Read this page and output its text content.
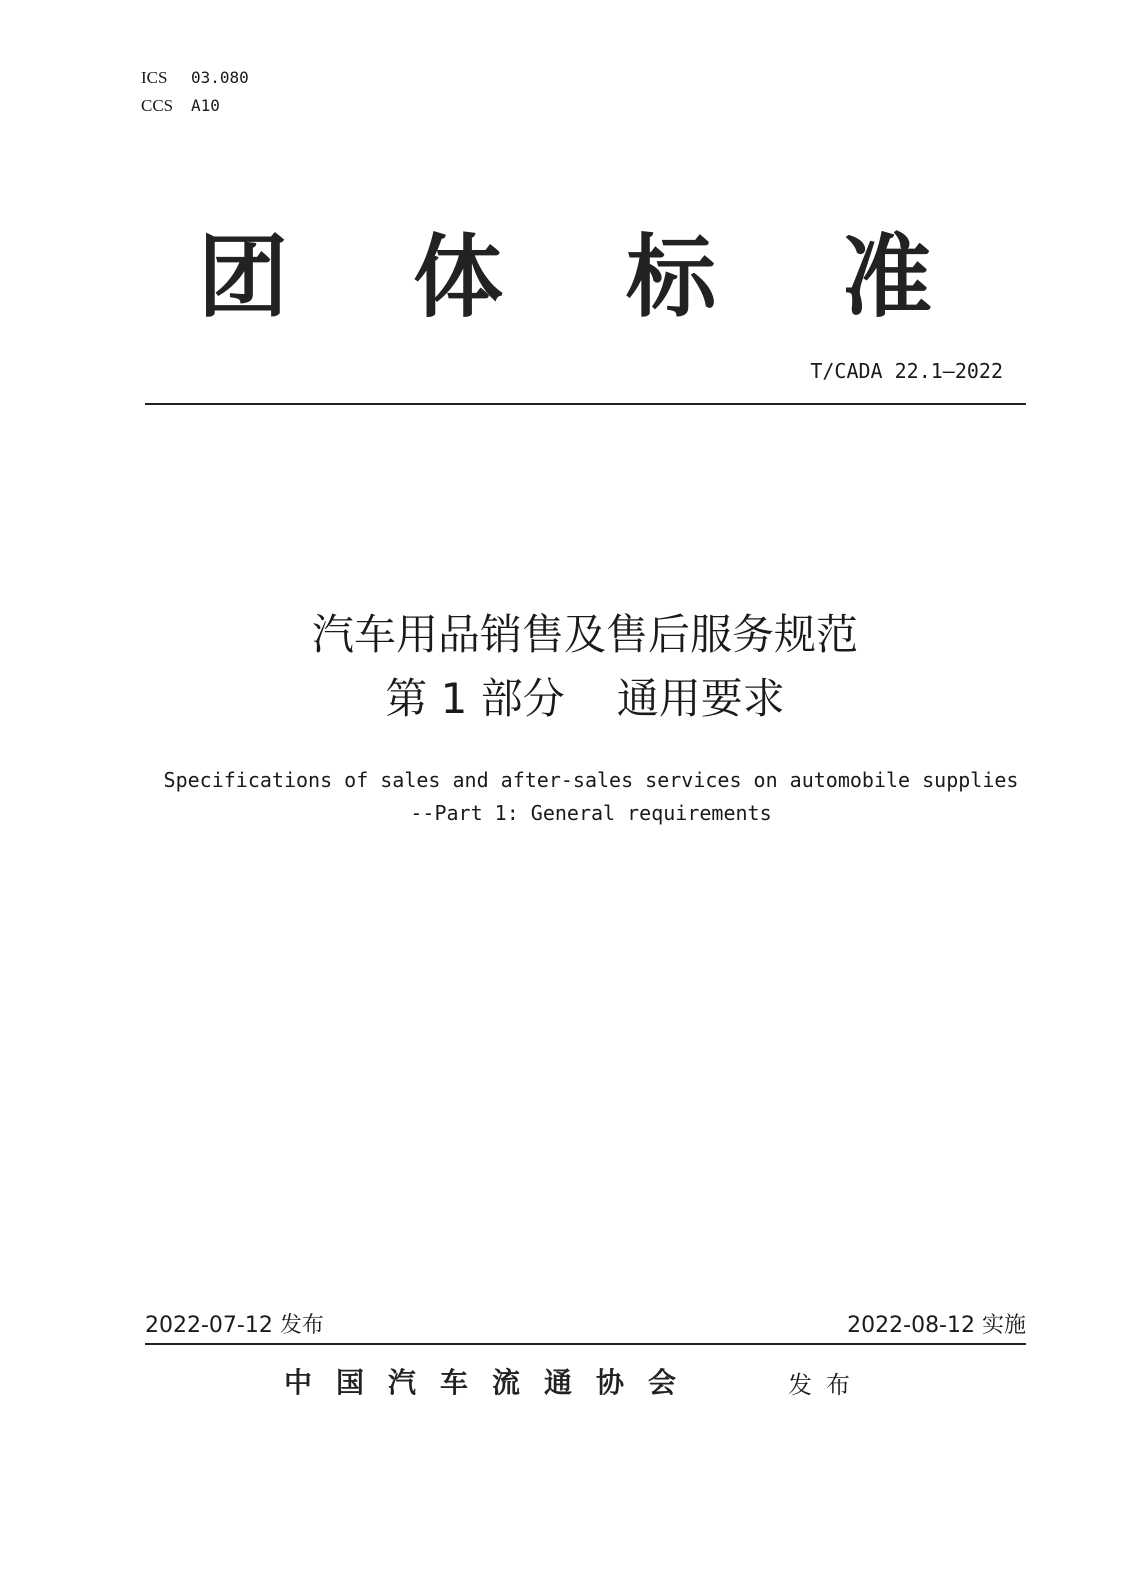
ICS 03.080
CCS A10
团 体 标 准
T/CADA 22.1—2022
汽车用品销售及售后服务规范
第 1 部分 通用要求
Specifications of sales and after-sales services on automobile supplies
--Part 1: General requirements
2022-07-12 发布	2022-08-12 实施
中国汽车流通协会	发布
